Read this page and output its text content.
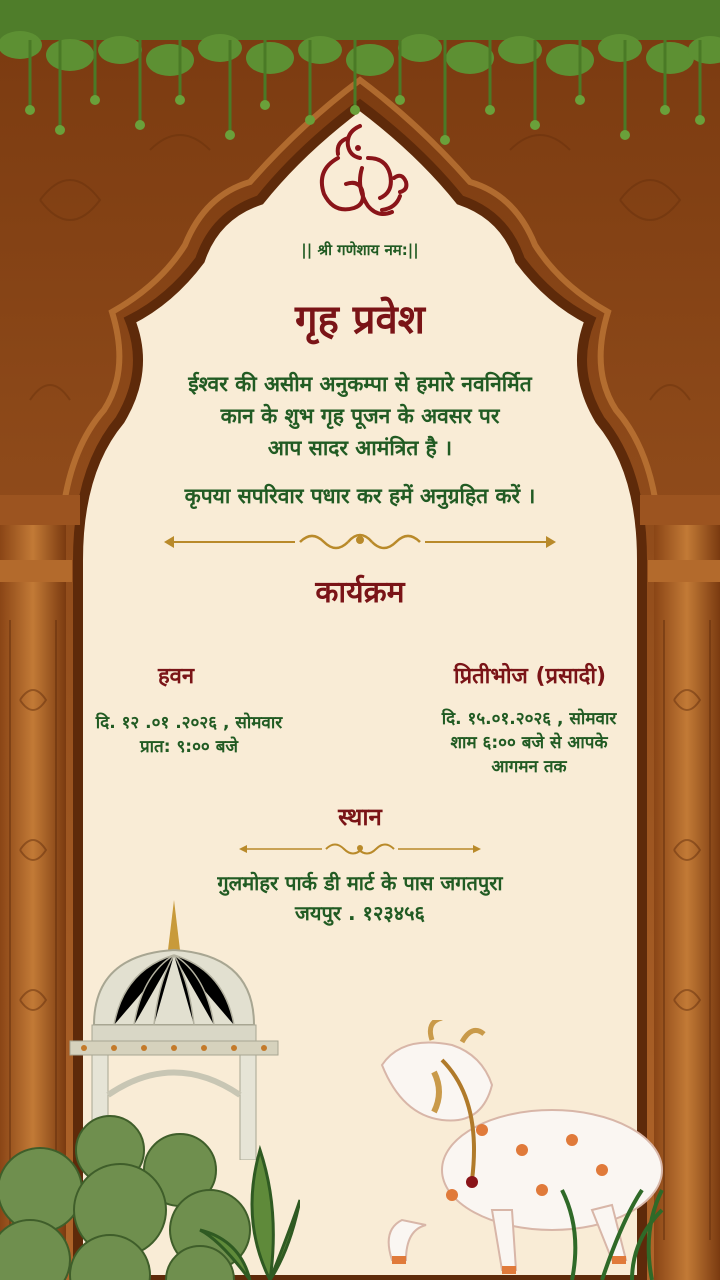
|| श्री गणेशाय नम:||
गृह प्रवेश
ईश्वर की असीम अनुकम्पा से हमारे नवनिर्मित
कान के शुभ गृह पूजन के अवसर पर
आप सादर आमंत्रित है ।
कृपया सपरिवार पधार कर हमें अनुग्रहित करें ।
कार्यक्रम
हवन
दि. १२ .०१ .२०२६ , सोमवार
प्रात: ९:०० बजे
प्रितीभोज (प्रसादी)
दि. १५.०१.२०२६ , सोमवार
शाम ६:०० बजे से आपके
आगमन तक
स्थान
गुलमोहर पार्क डी मार्ट के पास जगतपुरा
जयपुर . १२३४५६
